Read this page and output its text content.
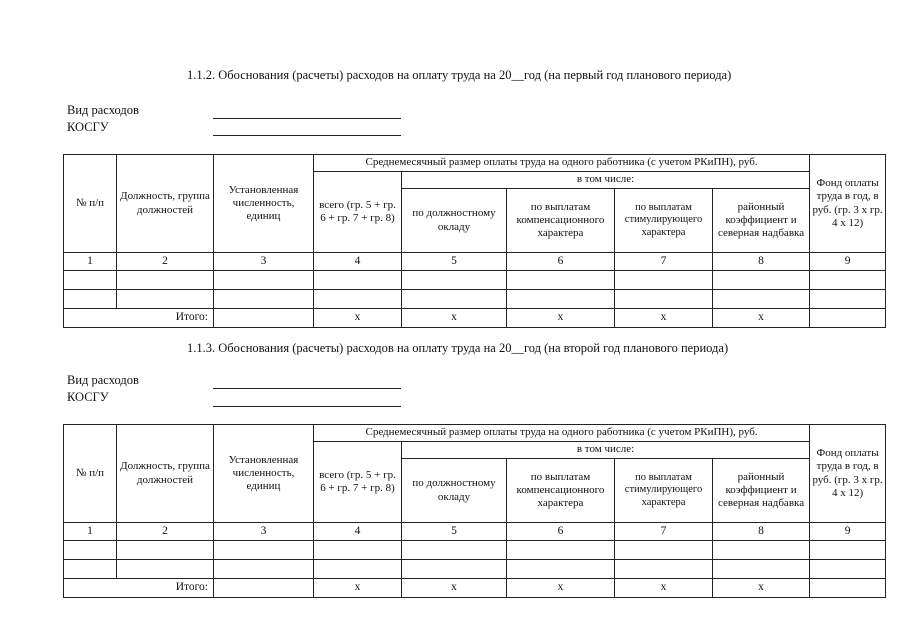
1.1.2. Обоснования (расчеты) расходов на оплату труда на 20__год (на первый год планового периода)
Вид расходов
КОСГУ
№ п/п	Должность, группа должностей	Установленная численность, единиц	Среднемесячный размер оплаты труда на одного работника (с учетом РКиПН), руб.					Фонд оплаты труда в год, в руб. (гр. 3 х гр. 4 х 12)
			всего (гр. 5 + гр. 6 + гр. 7 + гр. 8)	в том числе:				
				по должностному окладу	по выплатам компенсационного характера	по выплатам стимулирующего характера	районный коэффициент и северная надбавка	
1	2	3	4	5	6	7	8	9

Итого:			x	x	x	x	x	
1.1.3. Обоснования (расчеты) расходов на оплату труда на 20__год (на второй год планового периода)
Вид расходов
КОСГУ
№ п/п	Должность, группа должностей	Установленная численность, единиц	Среднемесячный размер оплаты труда на одного работника (с учетом РКиПН), руб.					Фонд оплаты труда в год, в руб. (гр. 3 х гр. 4 х 12)
			всего (гр. 5 + гр. 6 + гр. 7 + гр. 8)	в том числе:				
				по должностному окладу	по выплатам компенсационного характера	по выплатам стимулирующего характера	районный коэффициент и северная надбавка	
1	2	3	4	5	6	7	8	9

Итого:			x	x	x	x	x	
